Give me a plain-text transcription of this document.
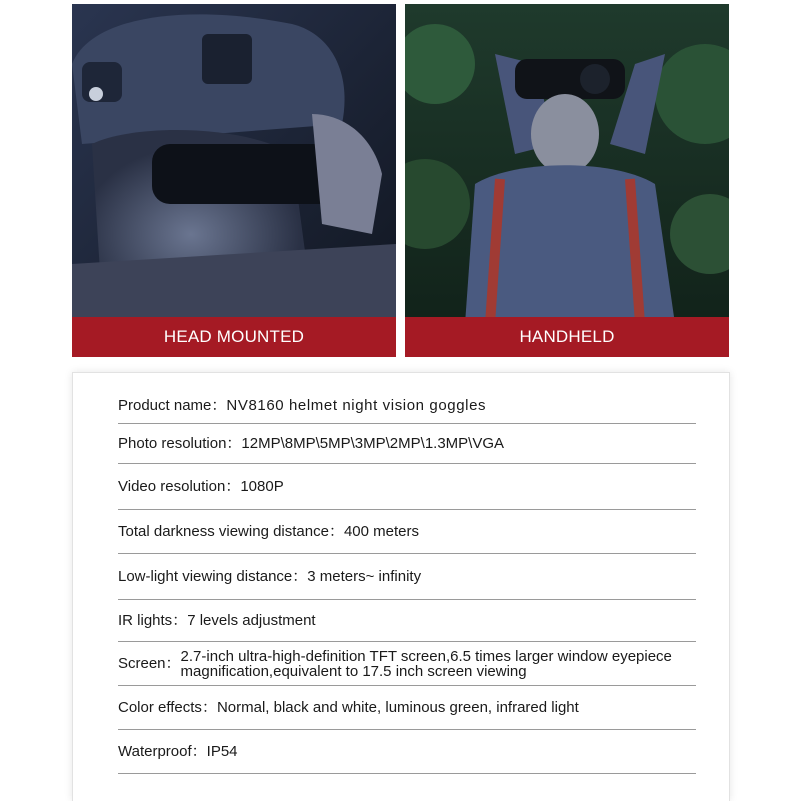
HEAD MOUNTED	HANDHELD
Product name ： NV8160 helmet night vision goggles
Photo resolution ： 12MP\8MP\5MP\3MP\2MP\1.3MP\VGA
Video resolution ： 1080P
Total darkness viewing distance ： 400 meters
Low-light viewing distance ： 3 meters~ infinity
IR lights ： 7 levels adjustment
Screen ： 2.7-inch ultra-high-definition TFT screen,6.5 times larger window eyepiece magnification,equivalent to 17.5 inch screen viewing
Color effects ： Normal, black and white, luminous green, infrared light
Waterproof ： IP54
